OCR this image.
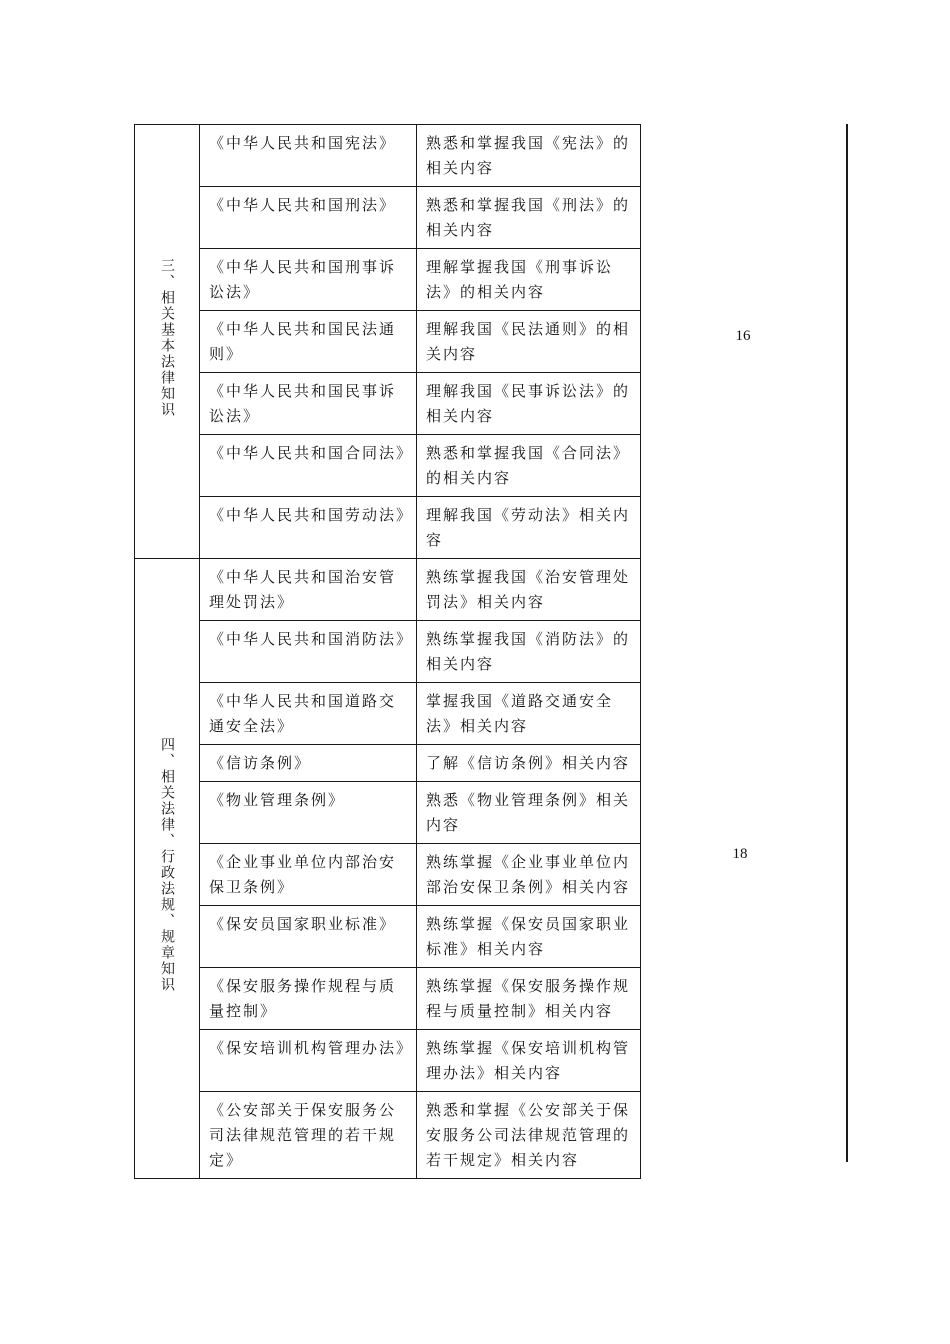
三、相关基本法律知识	《中华人民共和国宪法》	熟悉和掌握我国《宪法》的相关内容
	《中华人民共和国刑法》	熟悉和掌握我国《刑法》的相关内容
	《中华人民共和国刑事诉讼法》	理解掌握我国《刑事诉讼法》的相关内容
	《中华人民共和国民法通则》	理解我国《民法通则》的相关内容
	《中华人民共和国民事诉讼法》	理解我国《民事诉讼法》的相关内容
	《中华人民共和国合同法》	熟悉和掌握我国《合同法》的相关内容
	《中华人民共和国劳动法》	理解我国《劳动法》相关内容
四、相关法律、行政法规、规章知识	《中华人民共和国治安管理处罚法》	熟练掌握我国《治安管理处罚法》相关内容
	《中华人民共和国消防法》	熟练掌握我国《消防法》的相关内容
	《中华人民共和国道路交通安全法》	掌握我国《道路交通安全法》相关内容
	《信访条例》	了解《信访条例》相关内容
	《物业管理条例》	熟悉《物业管理条例》相关内容
	《企业事业单位内部治安保卫条例》	熟练掌握《企业事业单位内部治安保卫条例》相关内容
	《保安员国家职业标准》	熟练掌握《保安员国家职业标准》相关内容
	《保安服务操作规程与质量控制》	熟练掌握《保安服务操作规程与质量控制》相关内容
	《保安培训机构管理办法》	熟练掌握《保安培训机构管理办法》相关内容
	《公安部关于保安服务公司法律规范管理的若干规定》	熟悉和掌握《公安部关于保安服务公司法律规范管理的若干规定》相关内容
16
18
